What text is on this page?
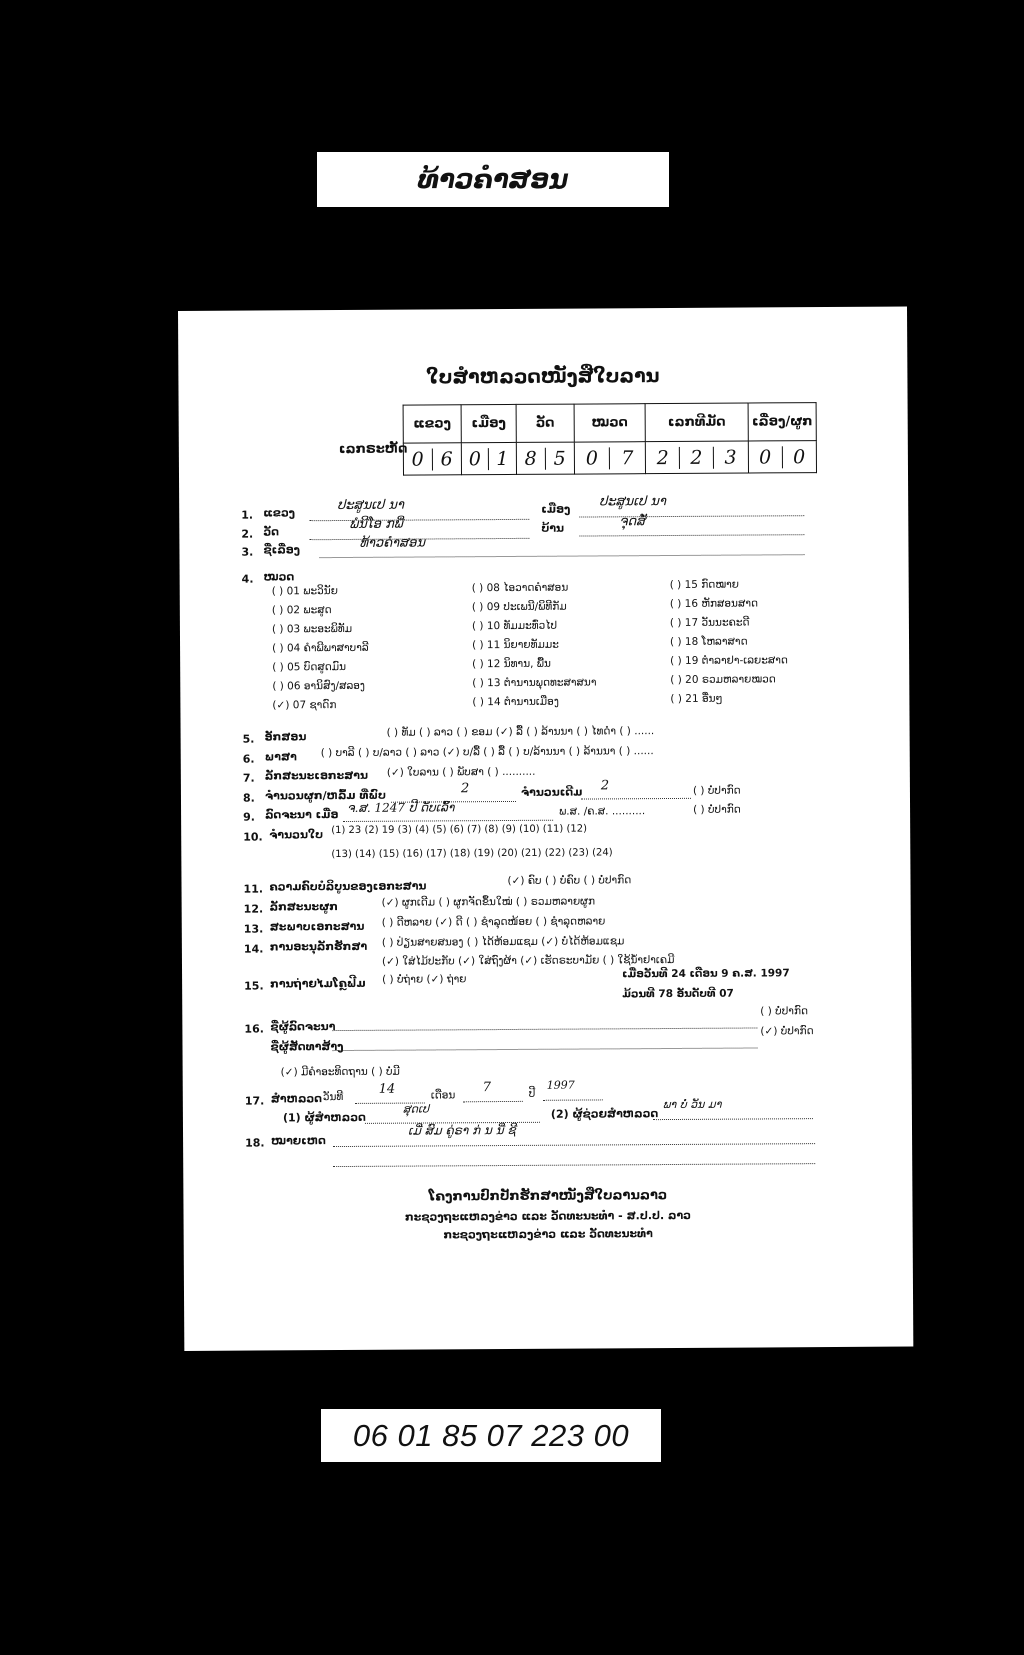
ທ້າວຄຳສອນ
ໃບສຳຫລວດໜັງສືໃບລານ
ເລກຣະຫັດ
ແຂວງ	ເມືອງ	ວັດ	ໝວດ	ເລກທີມັດ	ເລື່ອງ/ຜູກ
0 6	0 1	8 5	0 7	2 2 3	0 0
1. ແຂວງ	ປະສູນເປ ນາ	ເມືອງ ປະສູນເປ ນາ
2. ວັດ	ພໍນີໂອ ກພ່ີ	ບ້ານ	ຈຸດສັ່
3. ຊື່ເລື່ອງ	ທ້າວຄຳສອນ
4. ໝວດ
( ) 01 ພະວິນັຍ	( ) 08 ໄອວາດຄຳສອນ	( ) 15 ກົດໝາຍ
( ) 02 ພະສູດ	( ) 09 ປະເພນີ/ພິທີກັມ	( ) 16 ຫັກສອນສາດ
( ) 03 ພະອະພິທັມ	( ) 10 ທັມມະທົ່ວໄປ	( ) 17 ວັນນະຄະດີ
( ) 04 ຄຳພີພາສາບາລີ	( ) 11 ນິຍາຍທັມມະ	( ) 18 ໂຫລາສາດ
( ) 05 ບົດສູດມົນ	( ) 12 ນິທານ, ພື້ນ	( ) 19 ຕຳລາຢາ-ເລຍະສາດ
( ) 06 ອານິສົງ/ສລອງ	( ) 13 ຕຳນານພຸດທະສາສນາ	( ) 20 ຣວມຫລາຍໝວດ
(✓) 07 ຊາດົກ	( ) 14 ຕຳນານເມືອງ	( ) 21 ອື່ນໆ
5. ອັກສອນ	( ) ທັມ ( ) ລາວ ( ) ຂອມ (✓) ລື້ ( ) ລ້ານນາ ( ) ໄທດຳ ( ) ......
6. ພາສາ ( ) ບາລີ ( ) ບ/ລາວ ( ) ລາວ (✓) ບ/ລື້ ( ) ລື້ ( ) ບ/ລ້ານນາ ( ) ລ້ານນາ ( ) ......
7. ລັກສະນະເອກະສານ (✓) ໃບລານ ( ) ພັບສາ ( ) ..........
8. ຈຳນວນຜູກ/ຫລົ້ມ ທີ່ພົບ	2	ຈຳນວນເດີມ 2	( ) ບໍ່ປາກົດ
9. ລົດຈະນາ ເມື່ອ ຈ.ສ. 1247 ປີ ດັບເລົ້າ	ພ.ສ. /ຄ.ສ. ..........	( ) ບໍ່ປາກົດ
10. ຈຳນວນໃບ (1) 23 (2) 19 (3) (4) (5) (6) (7) (8) (9) (10) (11) (12)
(13) (14) (15) (16) (17) (18) (19) (20) (21) (22) (23) (24)
11. ຄວາມຄົບບໍລິບູນຂອງເອກະສານ	(✓) ຄົບ ( ) ບໍ່ຄົບ ( ) ບໍ່ປາກົດ
12. ລັກສະນະຜູກ	(✓) ຜູກເດີມ ( ) ຜູກຈັດຂຶ້ນໃໝ່ ( ) ຣວມຫລາຍຜູກ
13. ສະພາບເອກະສານ ( ) ດີຫລາຍ (✓) ດີ ( ) ຊຳລຸດໜ້ອຍ ( ) ຊຳລຸດຫລາຍ
14. ການອະນຸລັກຮັກສາ ( ) ປ່ຽນສາຍສນອງ ( ) ໄດ້ຫ້ອມແຊມ (✓) ບໍ່ໄດ້ຫ້ອມແຊມ
(✓) ໃສ່ໄມ້ປະກັບ (✓) ໃສ່ຖົງຜ້າ (✓) ເຮັດຣະບາມັຍ ( ) ໃຊ້ນ້ຳຢາເຄມີ
15. ການຖ່າຍໄມໂຄຼຟີມ ( ) ບໍ່ຖ່າຍ (✓) ຖ່າຍ	ເມື່ອວັນທີ 24 ເດືອນ 9 ຄ.ສ. 1997
ມ້ວນທີ 78 ອັນດັບທີ 07
16. ຊື່ຜູ້ລົດຈະນາ
( ) ບໍ່ປາກົດ
ຊື່ຜູ້ສັດທາສ້າງ
(✓) ບໍ່ປາກົດ
(✓) ມີຄຳອະທິດຖານ ( ) ບໍ່ມີ
17. ສຳຫລວດ ວັນທີ
14	ເດືອນ
7	ປີ
1997
(1) ຜູ້ສຳຫລວດ
ສຸດເປ	(2) ຜູ້ຊ່ວຍສຳຫລວດ
ພາ ບໍ່ ວັນ ມາ
18. ໝາຍເຫດ
ເມີ່ ສົມ ຄູ່ຣາ ກ່ ນ ນີ່ ຊີ
ໂຄງການປົກປັກຮັກສາໜັງສືໃບລານລາວ
ກະຊວງຖະແຫລງຂ່າວ ແລະ ວັດທະນະທຳ - ສ.ປ.ປ. ລາວ
ກະຊວງຖະແຫລງຂ່າວ ແລະ ວັດທະນະທຳ
06 01 85 07 223 00
